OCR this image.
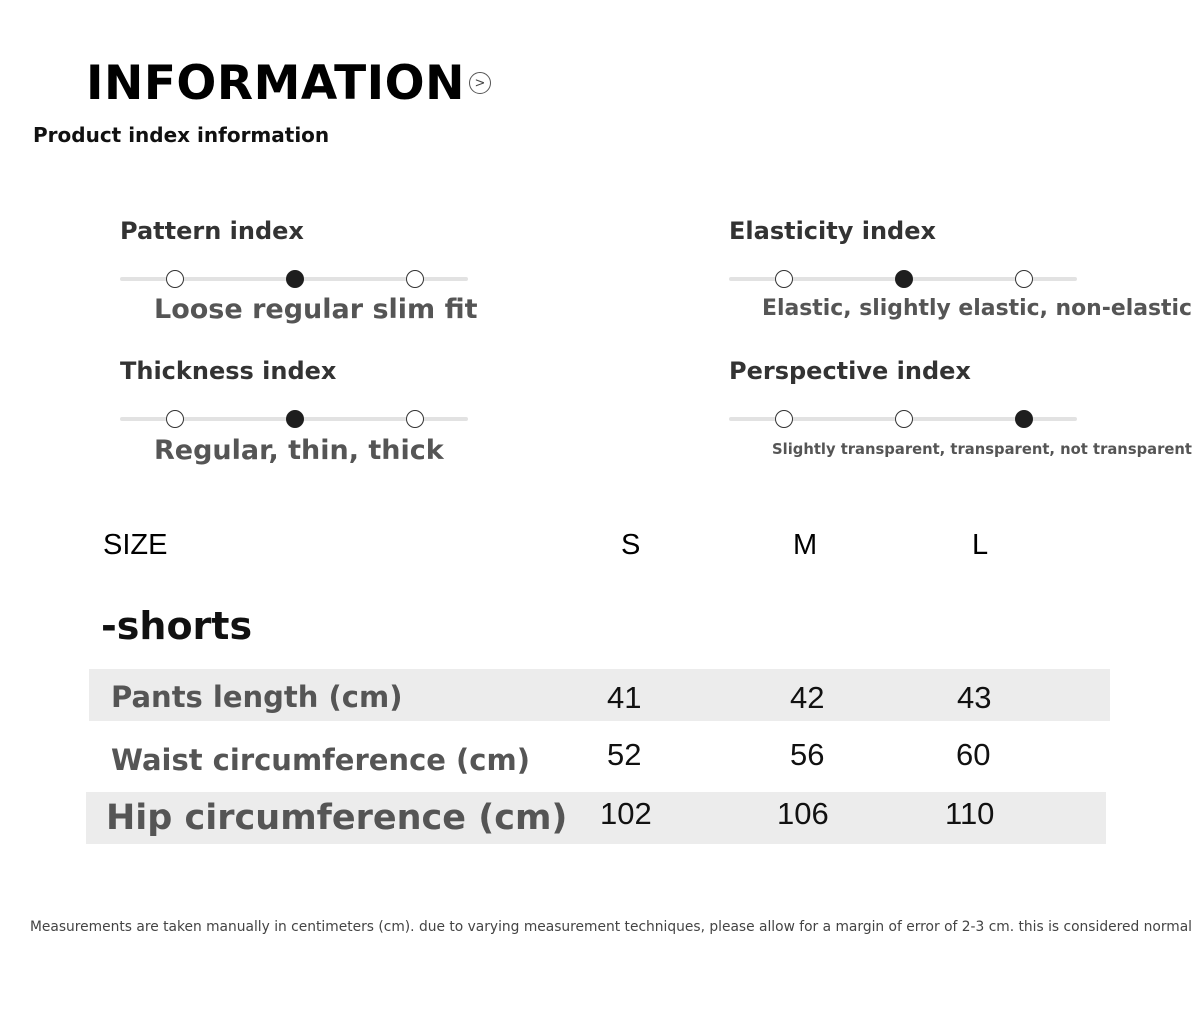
INFORMATION >
Product index information
Pattern index
Loose regular slim fit
Elasticity index
Elastic, slightly elastic, non-elastic
Thickness index
Regular, thin, thick
Perspective index
Slightly transparent, transparent, not transparent
SIZE	S	M	L
-shorts
Pants length (cm)	41	42	43
Waist circumference (cm) 52	56	60
Hip circumference (cm) 102	106	110
Measurements are taken manually in centimeters (cm). due to varying measurement techniques, please allow for a margin of error of 2-3 cm. this is considered normal
